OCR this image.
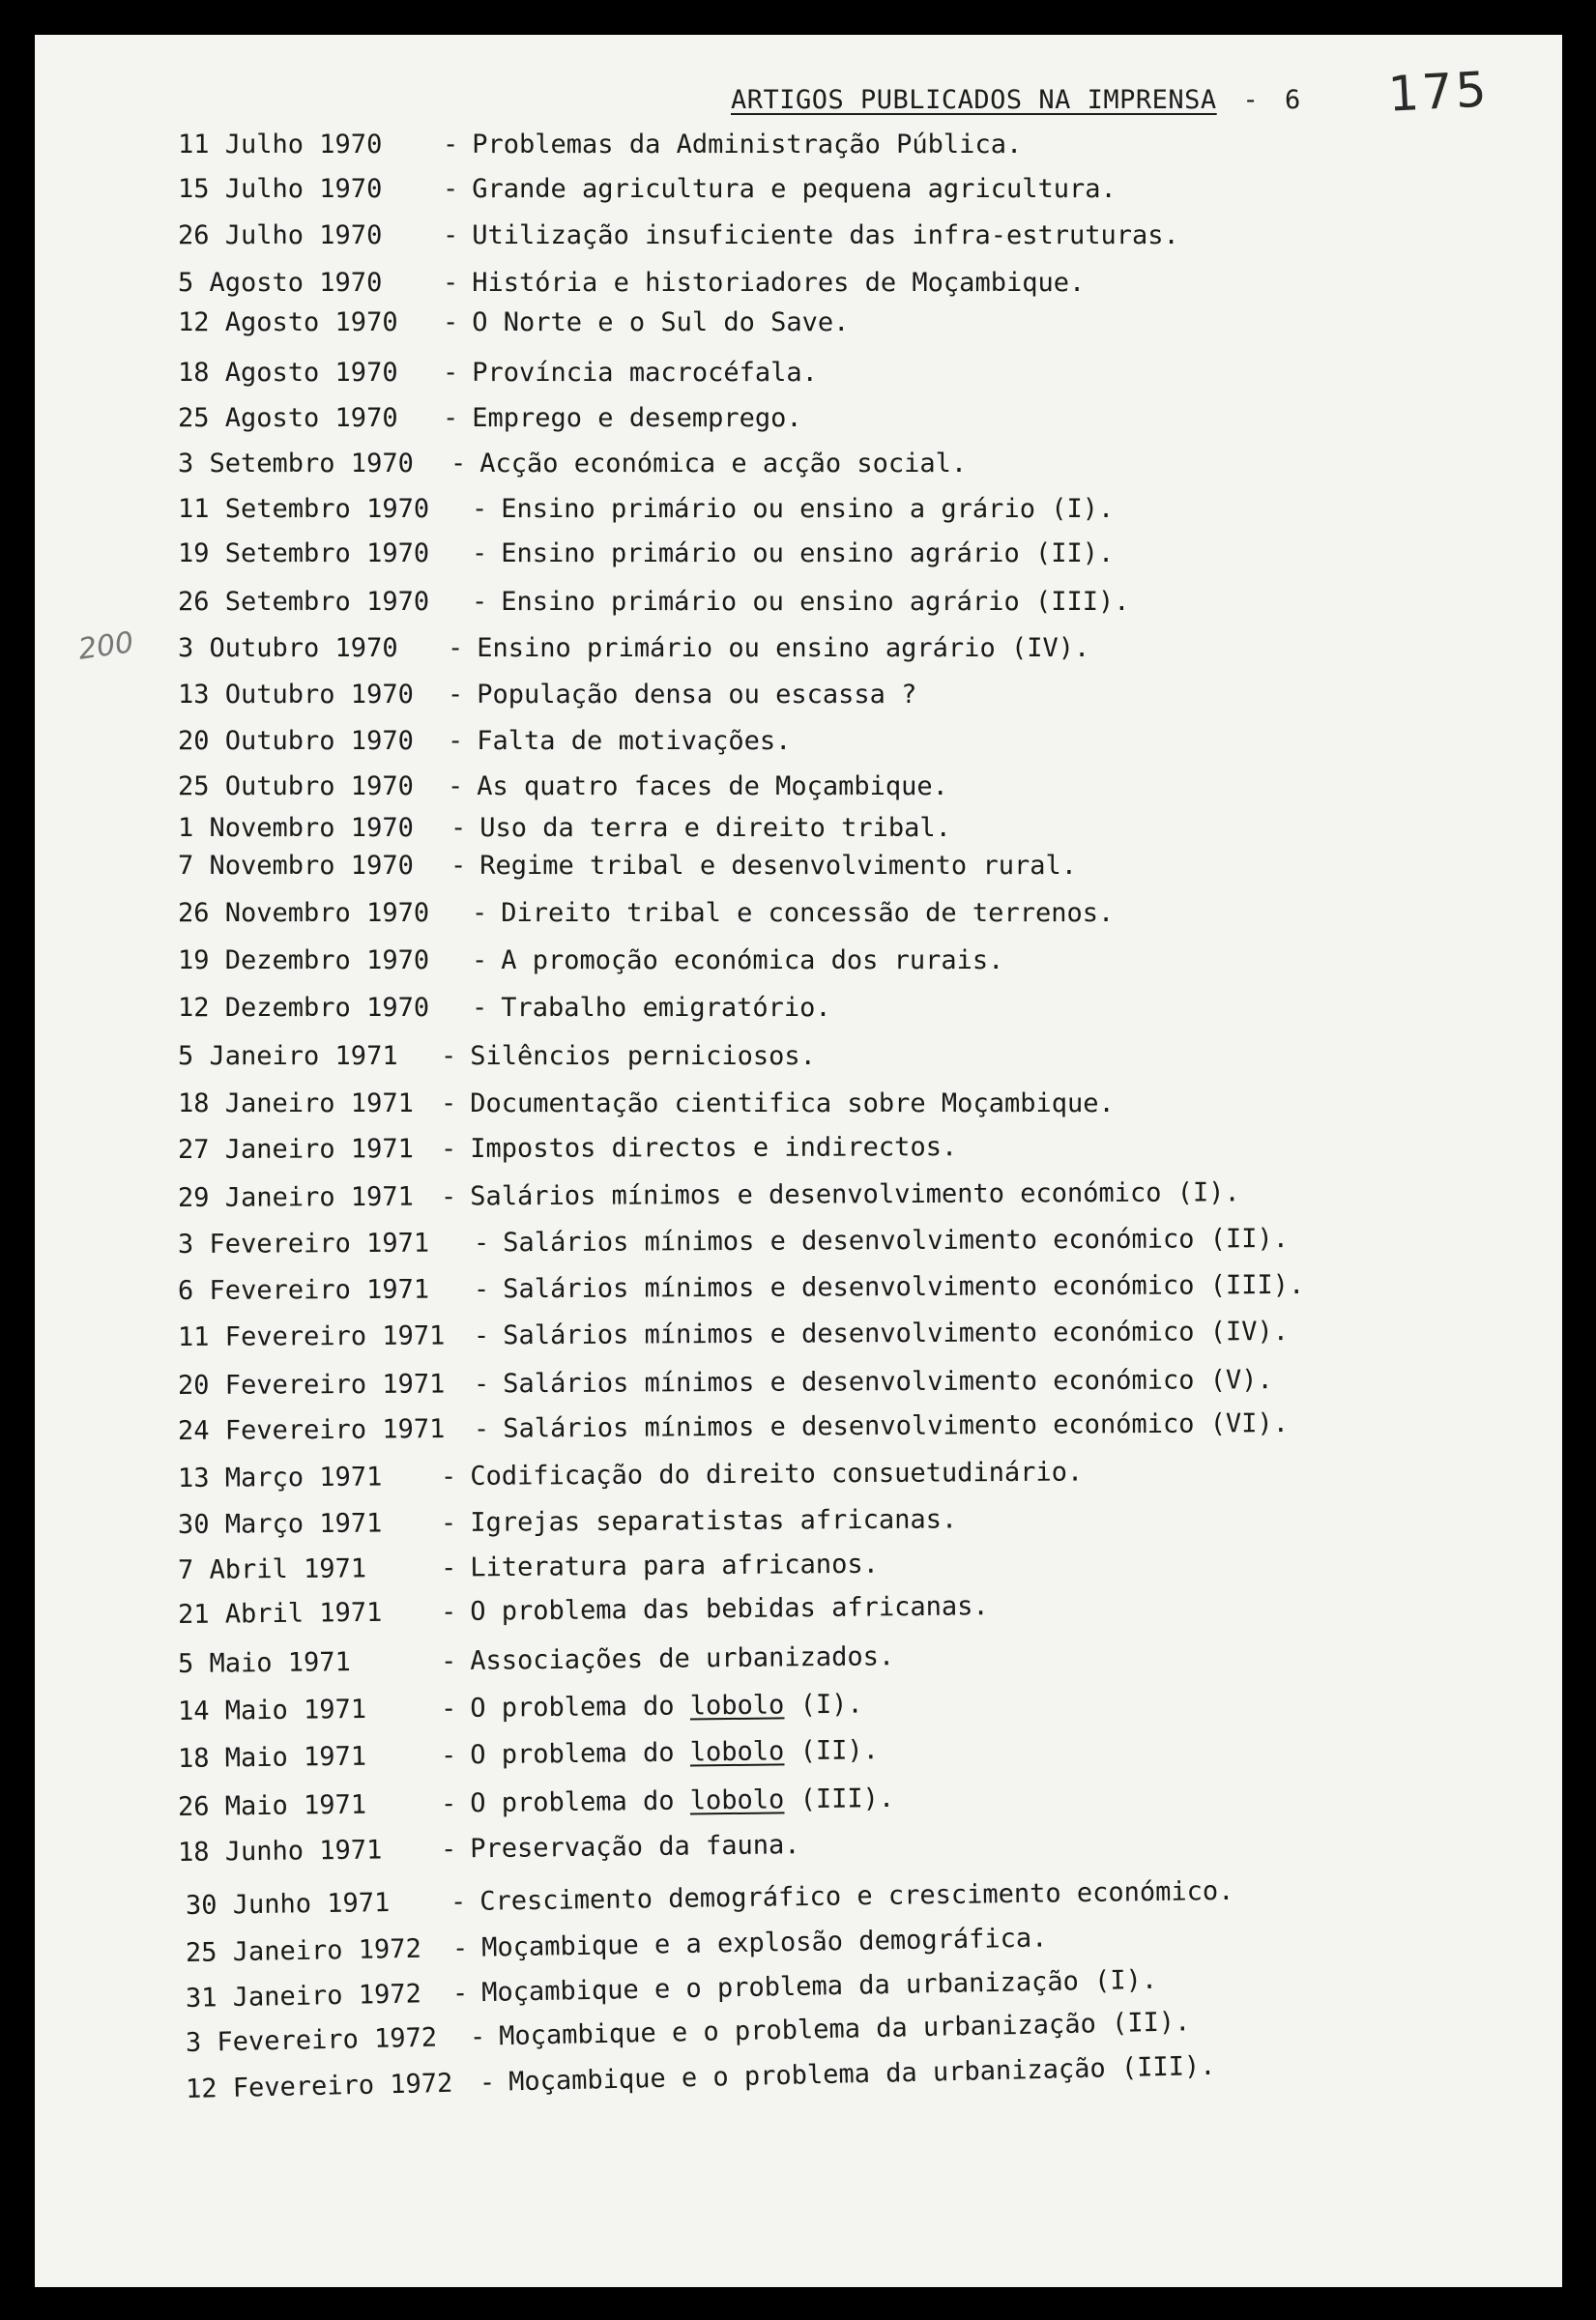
ARTIGOS PUBLICADOS NA IMPRENSA - 6 175
200
11 Julho 1970	- Problemas da Administração Pública.
15 Julho 1970	- Grande agricultura e pequena agricultura.
26 Julho 1970	- Utilização insuficiente das infra-estruturas.
5 Agosto 1970	- História e historiadores de Moçambique.
12 Agosto 1970	- O Norte e o Sul do Save.
18 Agosto 1970	- Província macrocéfala.
25 Agosto 1970	- Emprego e desemprego.
3 Setembro 1970	- Acção económica e acção social.
11 Setembro 1970	- Ensino primário ou ensino a grário (I).
19 Setembro 1970	- Ensino primário ou ensino agrário (II).
26 Setembro 1970	- Ensino primário ou ensino agrário (III).
3 Outubro 1970	- Ensino primário ou ensino agrário (IV).
13 Outubro 1970	- População densa ou escassa ?
20 Outubro 1970	- Falta de motivações.
25 Outubro 1970	- As quatro faces de Moçambique.
1 Novembro 1970	- Uso da terra e direito tribal.
7 Novembro 1970	- Regime tribal e desenvolvimento rural.
26 Novembro 1970	- Direito tribal e concessão de terrenos.
19 Dezembro 1970	- A promoção económica dos rurais.
12 Dezembro 1970	- Trabalho emigratório.
5 Janeiro 1971	- Silêncios perniciosos.
18 Janeiro 1971	- Documentação cientifica sobre Moçambique.
27 Janeiro 1971	- Impostos directos e indirectos.
29 Janeiro 1971	- Salários mínimos e desenvolvimento económico (I).
3 Fevereiro 1971	- Salários mínimos e desenvolvimento económico (II).
6 Fevereiro 1971	- Salários mínimos e desenvolvimento económico (III).
11 Fevereiro 1971	- Salários mínimos e desenvolvimento económico (IV).
20 Fevereiro 1971	- Salários mínimos e desenvolvimento económico (V).
24 Fevereiro 1971	- Salários mínimos e desenvolvimento económico (VI).
13 Março 1971	- Codificação do direito consuetudinário.
30 Março 1971	- Igrejas separatistas africanas.
7 Abril 1971	- Literatura para africanos.
21 Abril 1971	- O problema das bebidas africanas.
5 Maio 1971	- Associações de urbanizados.
14 Maio 1971	- O problema do lobolo (I).
18 Maio 1971	- O problema do lobolo (II).
26 Maio 1971	- O problema do lobolo (III).
18 Junho 1971	- Preservação da fauna.
30 Junho 1971	- Crescimento demográfico e crescimento económico.
25 Janeiro 1972	- Moçambique e a explosão demográfica.
31 Janeiro 1972	- Moçambique e o problema da urbanização (I).
3 Fevereiro 1972	- Moçambique e o problema da urbanização (II).
12 Fevereiro 1972 - Moçambique e o problema da urbanização (III).
